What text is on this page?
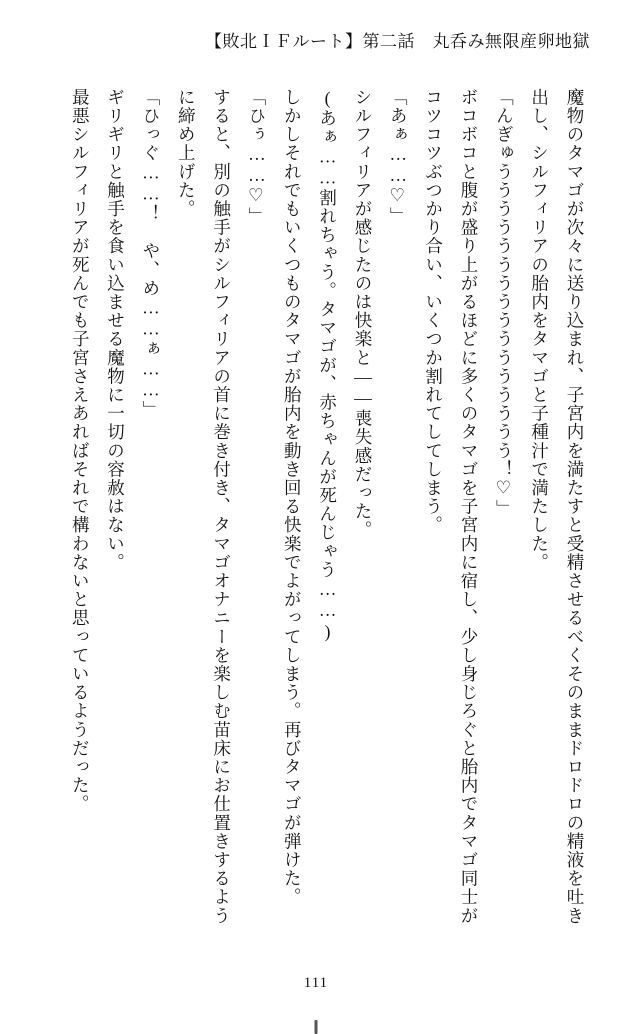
【敗北ＩＦルート】第二話　丸呑み無限産卵地獄

魔物のタマゴが次々に送り込まれ、子宮内を満たすと受精させるべくそのままドロドロの精液を吐き出し、シルフィリアの胎内をタマゴと子種汁で満たした。

「んぎゅうううううううううううううううう！♡」

ボコボコと腹が盛り上がるほどに多くのタマゴを子宮内に宿し、少し身じろぐと胎内でタマゴ同士がコツコツぶつかり合い、いくつか割れてしてしまう。

「あぁ……♡」

シルフィリアが感じたのは快楽と――喪失感だった。

(あぁ……割れちゃう。タマゴが、赤ちゃんが死んじゃう……)

しかしそれでもいくつものタマゴが胎内を動き回る快楽でよがってしまう。再びタマゴが弾けた。

「ひぅ……♡」

すると、別の触手がシルフィリアの首に巻き付き、タマゴオナニーを楽しむ苗床にお仕置きするように締め上げた。

「ひっぐ……！　や、め……ぁ……」

ギリギリと触手を食い込ませる魔物に一切の容赦はない。

最悪シルフィリアが死んでも子宮さえあればそれで構わないと思っているようだった。

111
